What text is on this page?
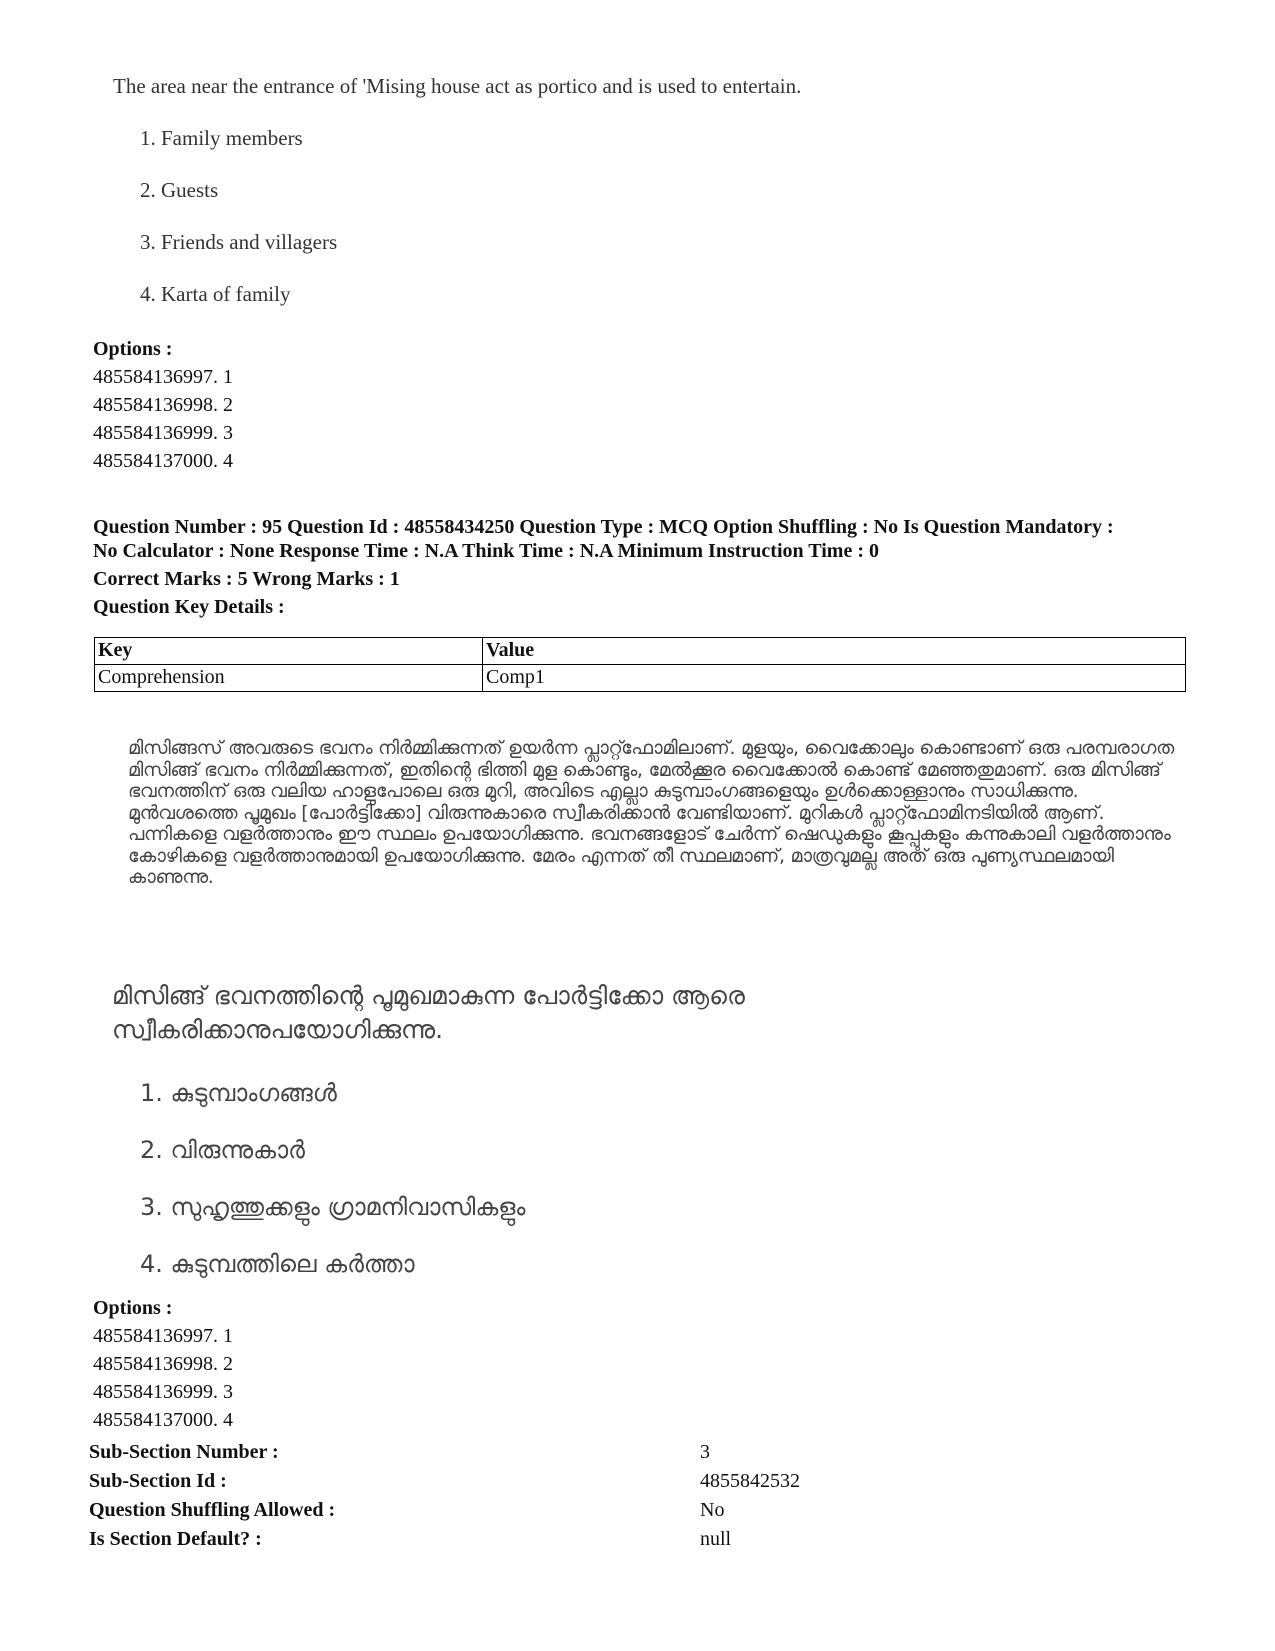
The area near the entrance of 'Mising house act as portico and is used to entertain.
1. Family members
2. Guests
3. Friends and villagers
4. Karta of family
Options :
485584136997. 1
485584136998. 2
485584136999. 3
485584137000. 4
Question Number : 95 Question Id : 48558434250 Question Type : MCQ Option Shuffling : No Is Question Mandatory :
No Calculator : None Response Time : N.A Think Time : N.A Minimum Instruction Time : 0
Correct Marks : 5 Wrong Marks : 1
Question Key Details :
Key	Value
Comprehension	Comp1
മിസിങ്ങസ് അവരുടെ ഭവനം നിർമ്മിക്കുന്നത് ഉയർന്ന പ്ലാറ്റ്ഫോമിലാണ്. മുളയും, വൈക്കോലും കൊണ്ടാണ് ഒരു പരമ്പരാഗത മിസിങ്ങ് ഭവനം നിർമ്മിക്കുന്നത്, ഇതിന്റെ ഭിത്തി മുള കൊണ്ടും, മേൽക്കൂര വൈക്കോൽ കൊണ്ട് മേഞ്ഞതുമാണ്. ഒരു മിസിങ്ങ് ഭവനത്തിന് ഒരു വലിയ ഹാളുപോലെ ഒരു മുറി, അവിടെ എല്ലാ കുടുമ്പാംഗങ്ങളെയും ഉൾക്കൊള്ളാനും സാധിക്കുന്നു. മുൻവശത്തെ പൂമുഖം [പോർട്ടിക്കോ] വിരുന്നുകാരെ സ്വീകരിക്കാൻ വേണ്ടിയാണ്. മുറികൾ പ്ലാറ്റ്ഫോമിനടിയിൽ ആണ്. പന്നികളെ വളർത്താനും ഈ സ്ഥലം ഉപയോഗിക്കുന്നു. ഭവനങ്ങളോട് ചേർന്ന് ഷെഡുകളും കൂപ്പുകളും കന്നുകാലി വളർത്താനും കോഴികളെ വളർത്താനുമായി ഉപയോഗിക്കുന്നു. മേരം എന്നത് തീ സ്ഥലമാണ്, മാത്രവുമല്ല അത് ഒരു പുണ്യസ്ഥലമായി കാണുന്നു.
മിസിങ്ങ് ഭവനത്തിന്റെ പൂമുഖമാകുന്ന പോർട്ടിക്കോ ആരെ സ്വീകരിക്കാനുപയോഗിക്കുന്നു.
1. കുടുമ്പാംഗങ്ങൾ
2. വിരുന്നുകാർ
3. സുഹൃത്തുക്കളും ഗ്രാമനിവാസികളും
4. കുടുമ്പത്തിലെ കർത്താ
Options :
485584136997. 1
485584136998. 2
485584136999. 3
485584137000. 4
Sub-Section Number :	3
Sub-Section Id :	4855842532
Question Shuffling Allowed :	No
Is Section Default? :	null
